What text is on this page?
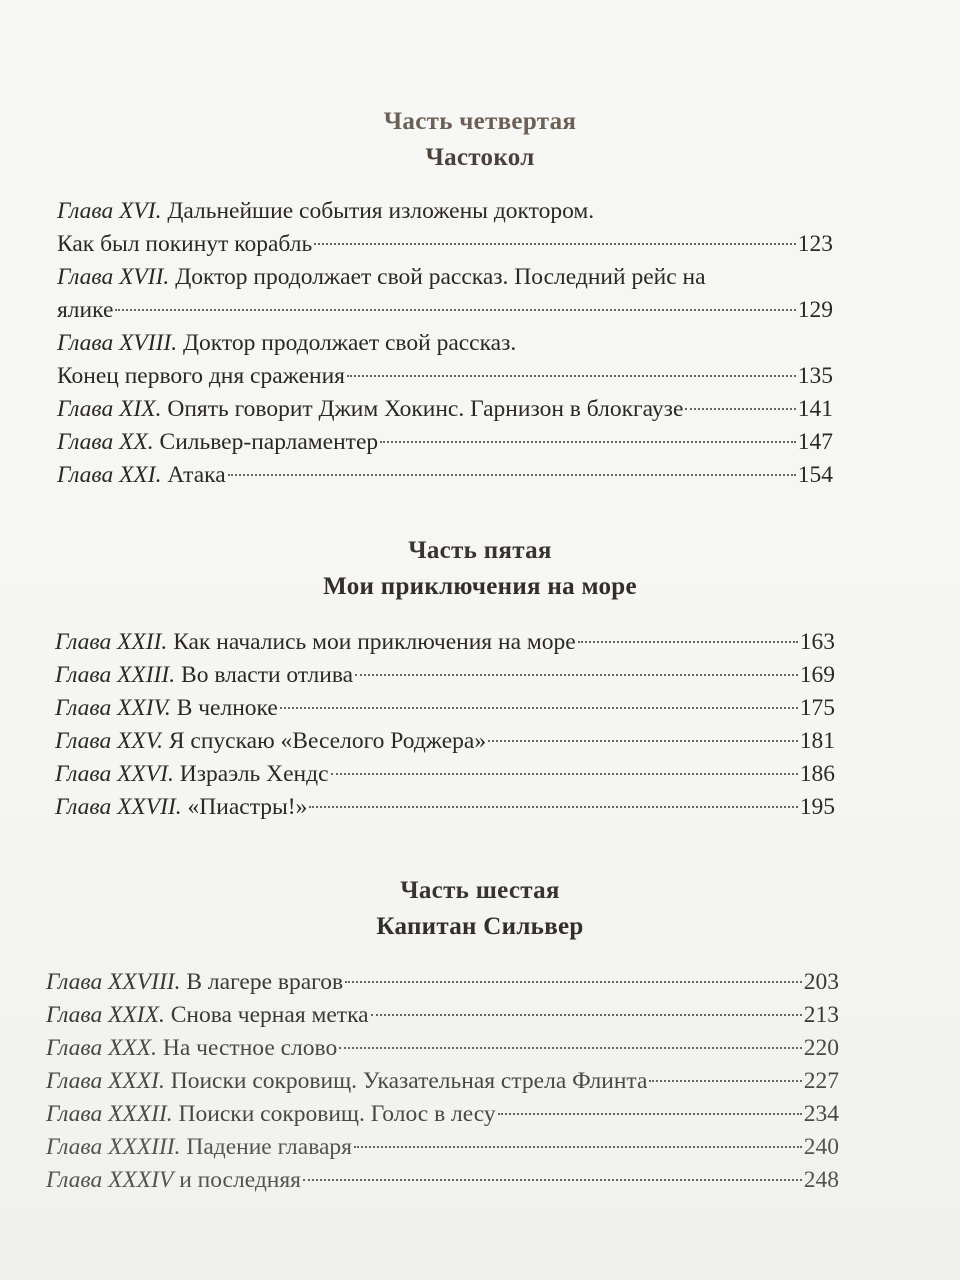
Часть четвертая
Частокол
Глава XVI.
Дальнейшие события изложены доктором.
Как был покинут корабль	123
Глава XVII.
Доктор продолжает свой рассказ. Последний рейс на
ялике	129
Глава XVIII.
Доктор продолжает свой рассказ.
Конец первого дня сражения	135
Глава XIX.
Опять говорит Джим Хокинс. Гарнизон в блокгаузе	141
Глава XX.
Сильвер-парламентер	147
Глава XXI.
Атака	154
Часть пятая
Мои приключения на море
Глава XXII.
Как начались мои приключения на море	163
Глава XXIII.
Во власти отлива	169
Глава XXIV.
В челноке	175
Глава XXV.
Я спускаю «Веселого Роджера»	181
Глава XXVI.
Израэль Хендс	186
Глава XXVII.
«Пиастры!»	195
Часть шестая
Капитан Сильвер
Глава XXVIII.
В лагере врагов	203
Глава XXIX.
Снова черная метка	213
Глава XXX.
На честное слово	220
Глава XXXI.
Поиски сокровищ. Указательная стрела Флинта	227
Глава XXXII.
Поиски сокровищ. Голос в лесу	234
Глава XXXIII.
Падение главаря	240
Глава XXXIV
и последняя	248
